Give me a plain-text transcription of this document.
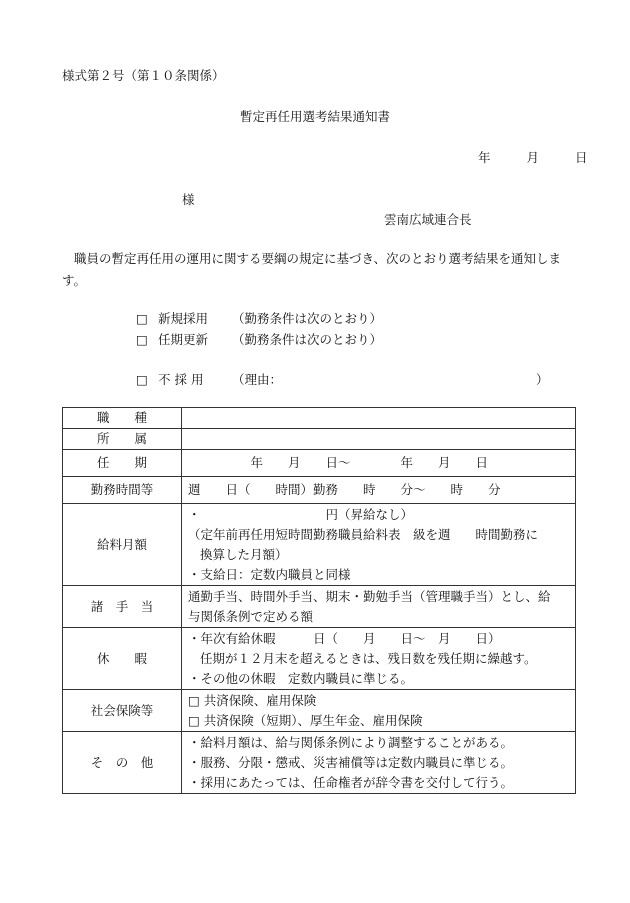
様式第２号（第１０条関係）
暫定再任用選考結果通知書
年	月	日
様
雲南広域連合長
職員の暫定再任用の運用に関する要綱の規定に基づき、次のとおり選考結果を通知します。
□ 新規採用 （勤務条件は次のとおり）
□ 任期更新 （勤務条件は次のとおり）
□ 不 採 用 （理由：	）
職　　種	

所　　属	

任　　期	　　　　　年　　月　　日～　　　　年　　月　　日

勤務時間等	週　　日（　　時間）勤務　　時　　分～　　時　　分

給料月額	・　　　　　　　　　　円（昇給なし）
（定年前再任用短時間勤務職員給料表　級を週　　時間勤務に
換算した月額）
・支給日：定数内職員と同様

諸　手　当	通勤手当、時間外手当、期末・勤勉手当（管理職手当）とし、給
与関係条例で定める額

休　　暇	・年次有給休暇　　　日（　　月　　日～　月　　日）
任期が１２月末を超えるときは、残日数を残任期に繰越す。
・その他の休暇　定数内職員に準じる。

社会保険等	□ 共済保険、雇用保険
□ 共済保険（短期）、厚生年金、雇用保険

そ　の　他	・給料月額は、給与関係条例により調整することがある。
・服務、分限・懲戒、災害補償等は定数内職員に準じる。
・採用にあたっては、任命権者が辞令書を交付して行う。
